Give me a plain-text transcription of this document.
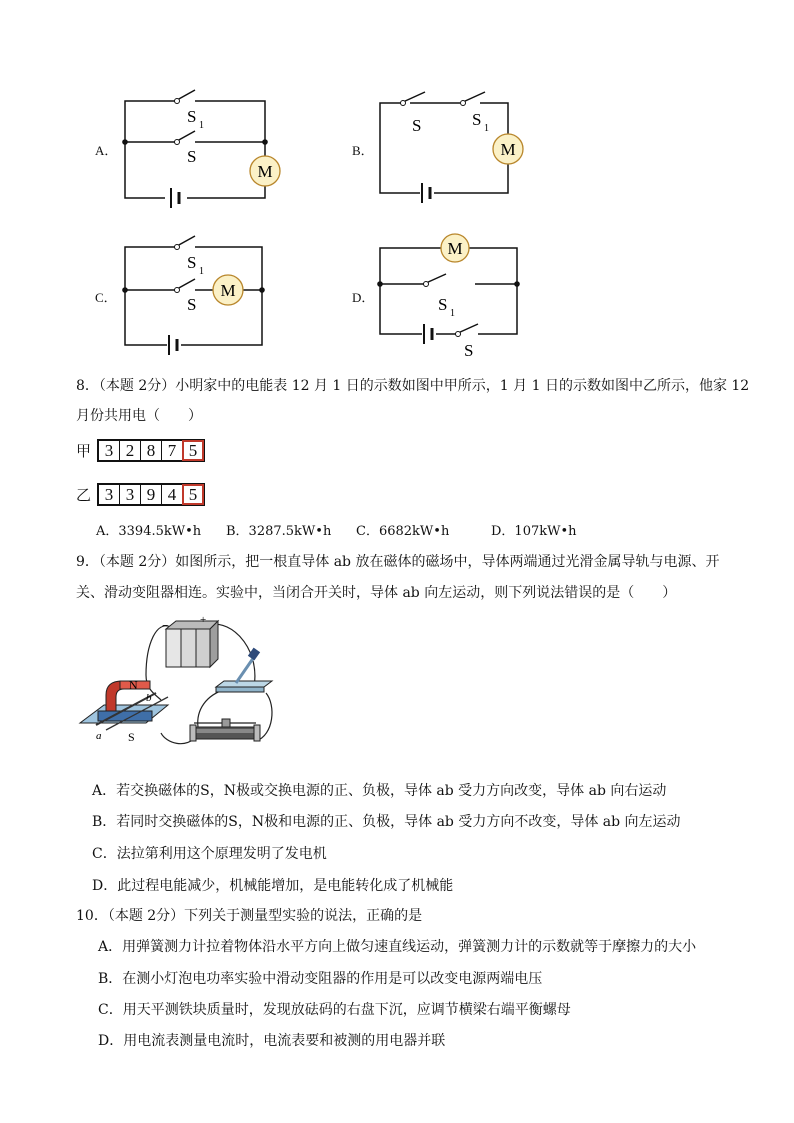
A．
M
S 1
S	B．	M
S	S 1
C．	M
S 1
S	D．
M
S 1
S
8．（本题 2分）小明家中的电能表 12 月 1 日的示数如图中甲所示，1 月 1 日的示数如图中乙所示，他家 12
月份共用电（　　）
甲 3 2 8 7 5
乙 3 3 9 4 5
A．3394.5kW•h B．3287.5kW•h C．6682kW•h	D．107kW•h
9．（本题 2分）如图所示，把一根直导体 ab 放在磁体的磁场中，导体两端通过光滑金属导轨与电源、开
关、滑动变阻器相连。实验中，当闭合开关时，导体 ab 向左运动，则下列说法错误的是（　　）
−	+
N
S
a
b
A．若交换磁体的S，N极或交换电源的正、负极，导体 ab 受力方向改变，导体 ab 向右运动
B．若同时交换磁体的S，N极和电源的正、负极，导体 ab 受力方向不改变，导体 ab 向左运动
C．法拉第利用这个原理发明了发电机
D．此过程电能减少，机械能增加，是电能转化成了机械能
10．（本题 2分）下列关于测量型实验的说法，正确的是
A．用弹簧测力计拉着物体沿水平方向上做匀速直线运动，弹簧测力计的示数就等于摩擦力的大小
B．在测小灯泡电功率实验中滑动变阻器的作用是可以改变电源两端电压
C．用天平测铁块质量时，发现放砝码的右盘下沉，应调节横梁右端平衡螺母
D．用电流表测量电流时，电流表要和被测的用电器并联
